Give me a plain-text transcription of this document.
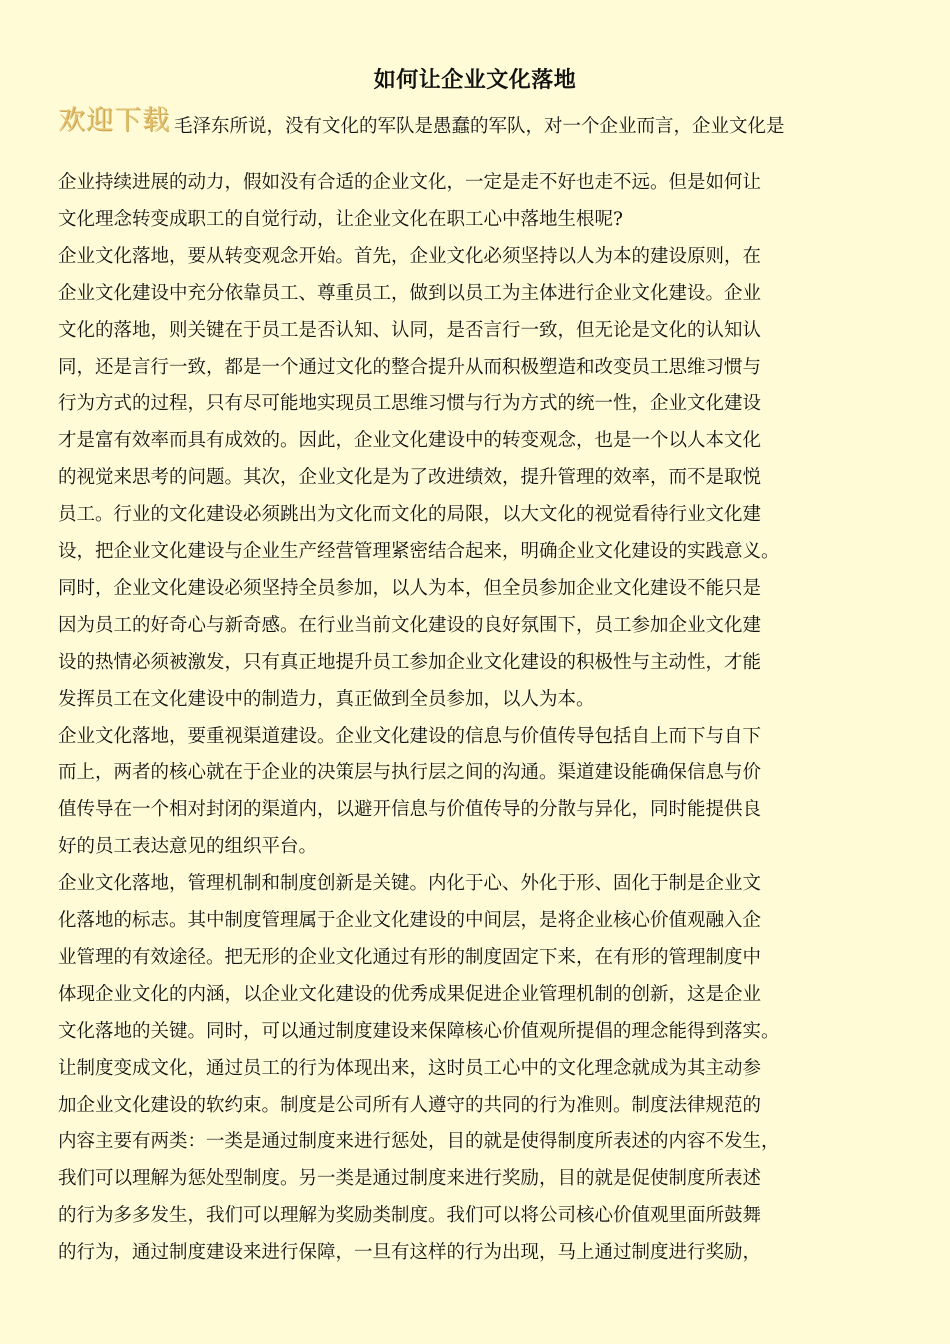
如何让企业文化落地
欢迎下载 毛泽东所说，没有文化的军队是愚蠢的军队，对一个企业而言，企业文化是
企业持续进展的动力，假如没有合适的企业文化，一定是走不好也走不远。但是如何让
文化理念转变成职工的自觉行动，让企业文化在职工心中落地生根呢?
企业文化落地，要从转变观念开始。首先，企业文化必须坚持以人为本的建设原则，在
企业文化建设中充分依靠员工、尊重员工，做到以员工为主体进行企业文化建设。企业
文化的落地，则关键在于员工是否认知、认同，是否言行一致，但无论是文化的认知认
同，还是言行一致，都是一个通过文化的整合提升从而积极塑造和改变员工思维习惯与
行为方式的过程，只有尽可能地实现员工思维习惯与行为方式的统一性，企业文化建设
才是富有效率而具有成效的。因此，企业文化建设中的转变观念，也是一个以人本文化
的视觉来思考的问题。其次，企业文化是为了改进绩效，提升管理的效率，而不是取悦
员工。行业的文化建设必须跳出为文化而文化的局限，以大文化的视觉看待行业文化建
设，把企业文化建设与企业生产经营管理紧密结合起来，明确企业文化建设的实践意义。
同时，企业文化建设必须坚持全员参加，以人为本，但全员参加企业文化建设不能只是
因为员工的好奇心与新奇感。在行业当前文化建设的良好氛围下，员工参加企业文化建
设的热情必须被激发，只有真正地提升员工参加企业文化建设的积极性与主动性，才能
发挥员工在文化建设中的制造力，真正做到全员参加，以人为本。
企业文化落地，要重视渠道建设。企业文化建设的信息与价值传导包括自上而下与自下
而上，两者的核心就在于企业的决策层与执行层之间的沟通。渠道建设能确保信息与价
值传导在一个相对封闭的渠道内，以避开信息与价值传导的分散与异化，同时能提供良
好的员工表达意见的组织平台。
企业文化落地，管理机制和制度创新是关键。内化于心、外化于形、固化于制是企业文
化落地的标志。其中制度管理属于企业文化建设的中间层，是将企业核心价值观融入企
业管理的有效途径。把无形的企业文化通过有形的制度固定下来，在有形的管理制度中
体现企业文化的内涵，以企业文化建设的优秀成果促进企业管理机制的创新，这是企业
文化落地的关键。同时，可以通过制度建设来保障核心价值观所提倡的理念能得到落实。
让制度变成文化，通过员工的行为体现出来，这时员工心中的文化理念就成为其主动参
加企业文化建设的软约束。制度是公司所有人遵守的共同的行为准则。制度法律规范的
内容主要有两类：一类是通过制度来进行惩处，目的就是使得制度所表述的内容不发生，
我们可以理解为惩处型制度。另一类是通过制度来进行奖励，目的就是促使制度所表述
的行为多多发生，我们可以理解为奖励类制度。我们可以将公司核心价值观里面所鼓舞
的行为，通过制度建设来进行保障，一旦有这样的行为出现，马上通过制度进行奖励，
